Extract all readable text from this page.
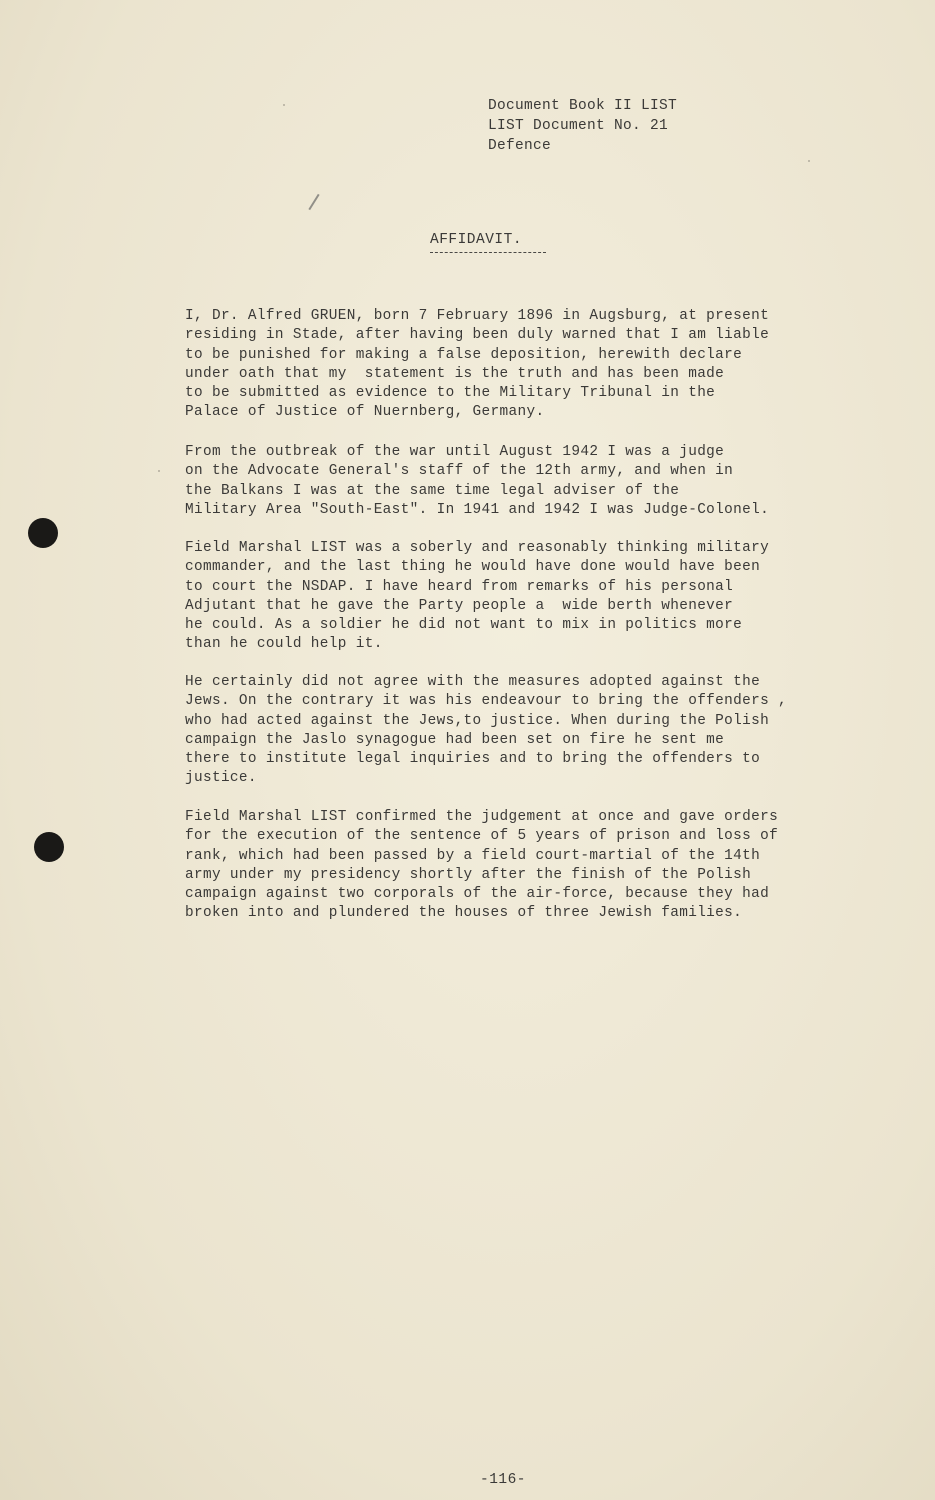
Document Book II LIST
LIST Document No. 21
Defence
AFFIDAVIT.

I, Dr. Alfred GRUEN, born 7 February 1896 in Augsburg, at present
residing in Stade, after having been duly warned that I am liable
to be punished for making a false deposition, herewith declare
under oath that my  statement is the truth and has been made
to be submitted as evidence to the Military Tribunal in the
Palace of Justice of Nuernberg, Germany.

From the outbreak of the war until August 1942 I was a judge
on the Advocate General's staff of the 12th army, and when in
the Balkans I was at the same time legal adviser of the
Military Area "South-East". In 1941 and 1942 I was Judge-Colonel.

Field Marshal LIST was a soberly and reasonably thinking military
commander, and the last thing he would have done would have been
to court the NSDAP. I have heard from remarks of his personal
Adjutant that he gave the Party people a  wide berth whenever
he could. As a soldier he did not want to mix in politics more
than he could help it.

He certainly did not agree with the measures adopted against the
Jews. On the contrary it was his endeavour to bring the offenders ,
who had acted against the Jews,to justice. When during the Polish
campaign the Jaslo synagogue had been set on fire he sent me
there to institute legal inquiries and to bring the offenders to
justice.

Field Marshal LIST confirmed the judgement at once and gave orders
for the execution of the sentence of 5 years of prison and loss of
rank, which had been passed by a field court-martial of the 14th
army under my presidency shortly after the finish of the Polish
campaign against two corporals of the air-force, because they had
broken into and plundered the houses of three Jewish families.

-116-
